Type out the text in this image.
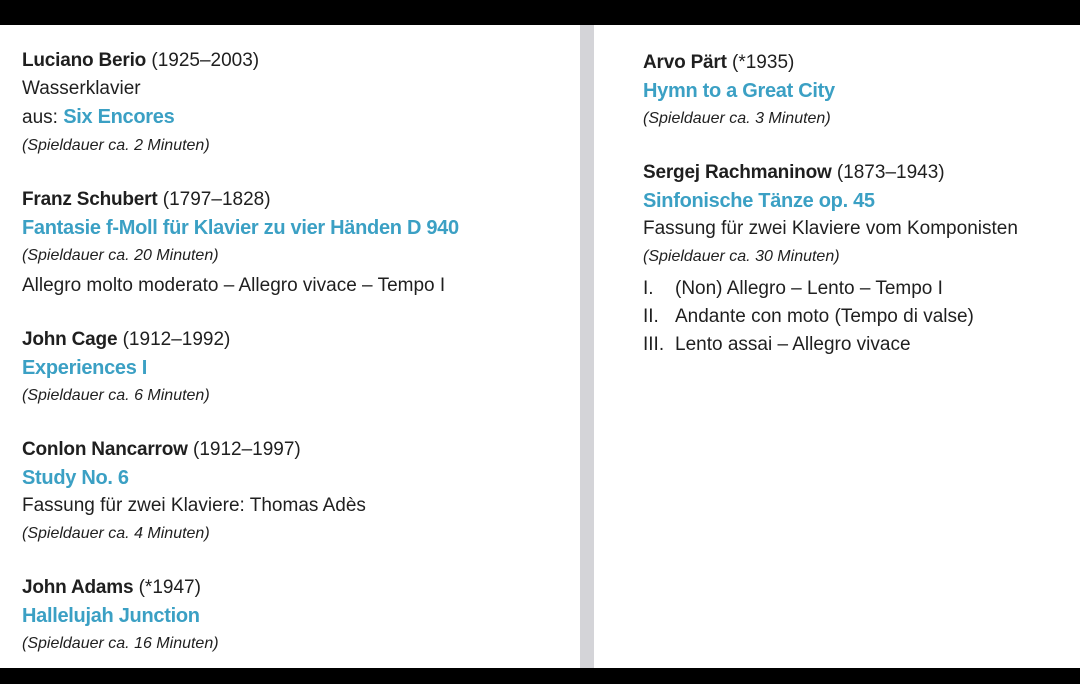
Luciano Berio (1925–2003)
Wasserklavier
aus: Six Encores
(Spieldauer ca. 2 Minuten)
Franz Schubert (1797–1828)
Fantasie f-Moll für Klavier zu vier Händen D 940
(Spieldauer ca. 20 Minuten)
Allegro molto moderato – Allegro vivace – Tempo I
John Cage (1912–1992)
Experiences I
(Spieldauer ca. 6 Minuten)
Conlon Nancarrow (1912–1997)
Study No. 6
Fassung für zwei Klaviere: Thomas Adès
(Spieldauer ca. 4 Minuten)
John Adams (*1947)
Hallelujah Junction
(Spieldauer ca. 16 Minuten)
Arvo Pärt (*1935)
Hymn to a Great City
(Spieldauer ca. 3 Minuten)
Sergej Rachmaninow (1873–1943)
Sinfonische Tänze op. 45
Fassung für zwei Klaviere vom Komponisten
(Spieldauer ca. 30 Minuten)
I. (Non) Allegro – Lento – Tempo I
II. Andante con moto (Tempo di valse)
III. Lento assai – Allegro vivace
